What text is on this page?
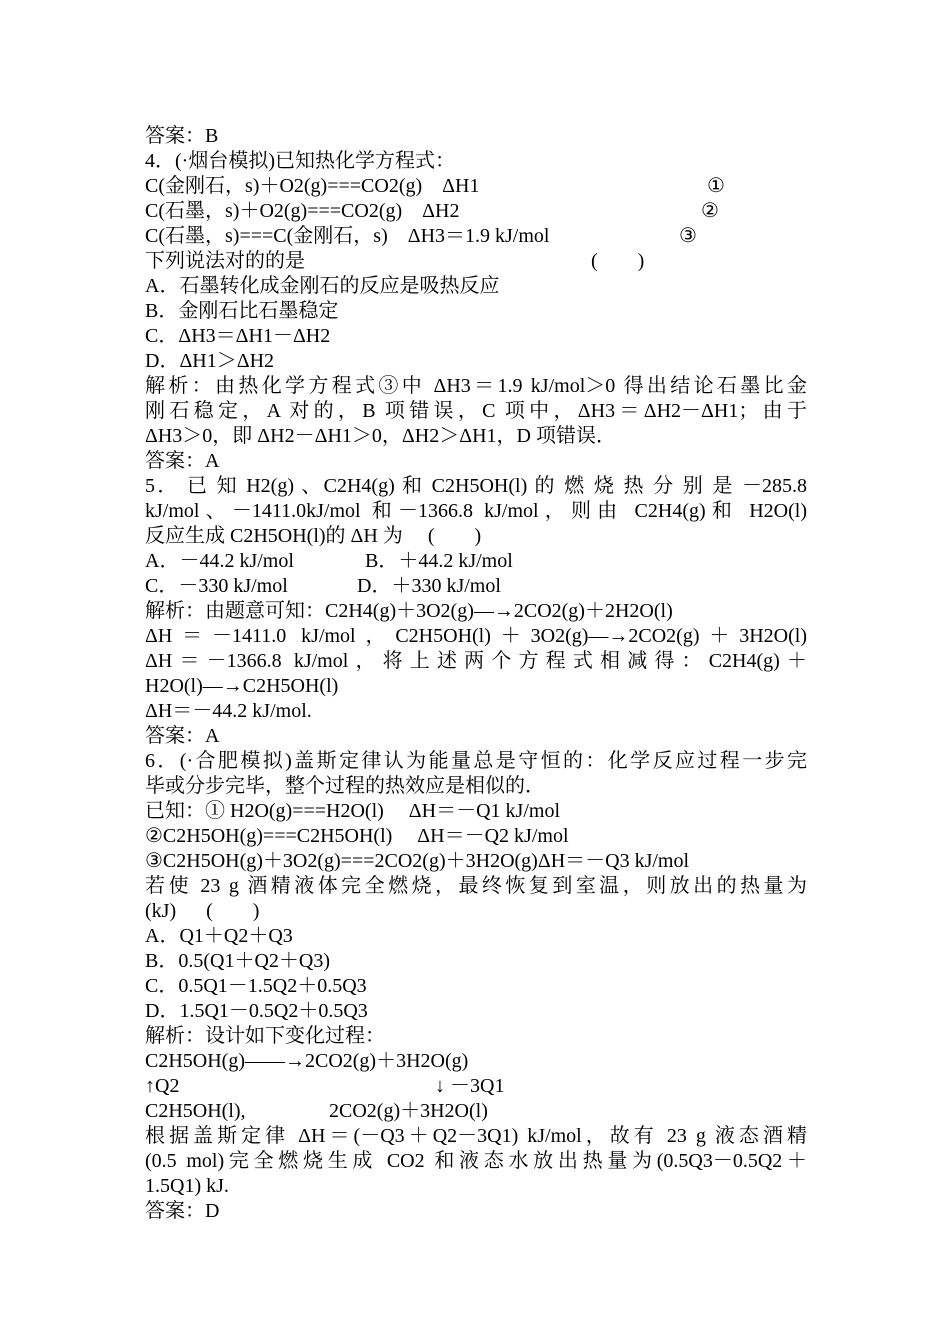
答案：B
4．(·烟台模拟)已知热化学方程式：
C(金刚石，s)＋O2(g)===CO2(g)    ΔH1	①
C(石墨，s)＋O2(g)===CO2(g)    ΔH2	②
C(石墨，s)===C(金刚石，s)    ΔH3＝1.9 kJ/mol	③
下列说法对的的是	(        )
A．石墨转化成金刚石的反应是吸热反应
B．金刚石比石墨稳定
C．ΔH3＝ΔH1－ΔH2
D．ΔH1＞ΔH2
解析：由热化学方程式③中 ΔH3＝1.9 kJ/mol＞0 得出结论石墨比金
刚石稳定，A 对的，B 项错误，C 项中，ΔH3＝ΔH2－ΔH1；由于
ΔH3＞0，即 ΔH2－ΔH1＞0，ΔH2＞ΔH1，D 项错误．
答案：A
5． 已 知 H2(g) 、C2H4(g) 和 C2H5OH(l) 的 燃 烧 热 分 别 是 －285.8
kJ/mol、－1411.0kJ/mol 和－1366.8 kJ/mol，则由 C2H4(g)和 H2O(l)
反应生成 C2H5OH(l)的 ΔH 为     (        )
A．－44.2 kJ/mol	B．＋44.2 kJ/mol
C．－330 kJ/mol	D．＋330 kJ/mol
解析：由题意可知：C2H4(g)＋3O2(g)―→2CO2(g)＋2H2O(l)
ΔH＝－1411.0 kJ/mol，C2H5OH(l)＋3O2(g)―→2CO2(g)＋3H2O(l)
ΔH＝－1366.8 kJ/mol，将上述两个方程式相减得：C2H4(g)＋
H2O(l)―→C2H5OH(l)
ΔH＝－44.2 kJ/mol.
答案：A
6．(·合肥模拟)盖斯定律认为能量总是守恒的：化学反应过程一步完
毕或分步完毕，整个过程的热效应是相似的．
已知：① H2O(g)===H2O(l)     ΔH＝－Q1 kJ/mol
②C2H5OH(g)===C2H5OH(l)     ΔH＝－Q2 kJ/mol
③C2H5OH(g)＋3O2(g)===2CO2(g)＋3H2O(g)ΔH＝－Q3 kJ/mol
若使 23 g 酒精液体完全燃烧，最终恢复到室温，则放出的热量为
(kJ)      (        )
A．Q1＋Q2＋Q3
B．0.5(Q1＋Q2＋Q3)
C．0.5Q1－1.5Q2＋0.5Q3
D．1.5Q1－0.5Q2＋0.5Q3
解析：设计如下变化过程：
C2H5OH(g)――→2CO2(g)＋3H2O(g)
↑Q2	↓ －3Q1
C2H5OH(l),	2CO2(g)＋3H2O(l)
根据盖斯定律 ΔH＝(－Q3＋Q2－3Q1) kJ/mol，故有 23 g 液态酒精
(0.5 mol)完全燃烧生成 CO2 和液态水放出热量为(0.5Q3－0.5Q2＋
1.5Q1) kJ.
答案：D
